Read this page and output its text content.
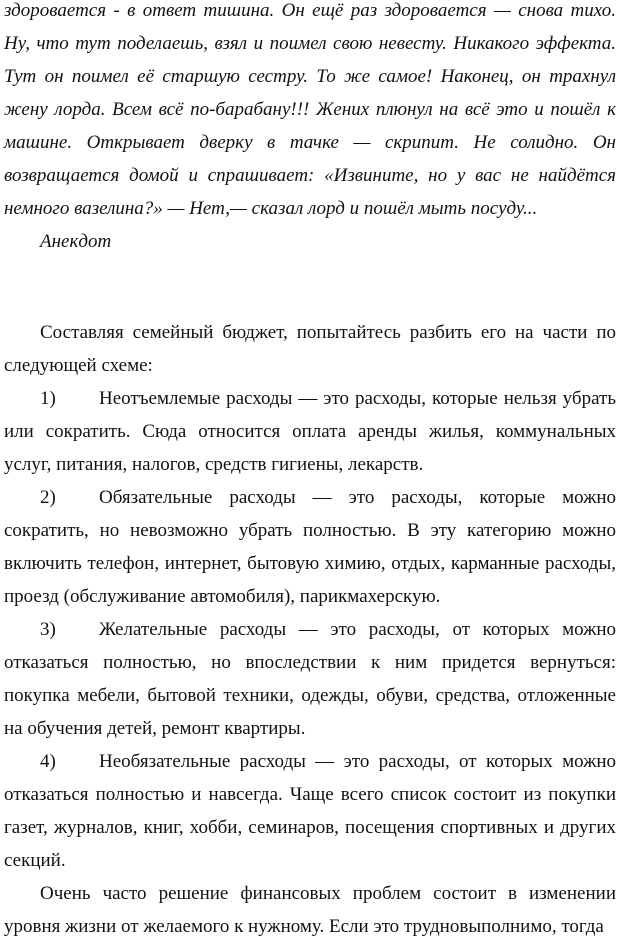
здоровается - в ответ тишина. Он ещё раз здоровается — снова тихо. Ну, что тут поделаешь, взял и поимел свою невесту. Никакого эффекта. Тут он поимел её старшую сестру. То же самое! Наконец, он трахнул жену лорда. Всем всё по-барабану!!! Жених плюнул на всё это и пошёл к машине. Открывает дверку в тачке — скрипит. Не солидно. Он возвращается домой и спрашивает: «Извините, но у вас не найдётся немного вазелина?» — Нет,— сказал лорд и пошёл мыть посуду...

Анекдот

Составляя семейный бюджет, попытайтесь разбить его на части по следующей схеме:

1) Неотъемлемые расходы — это расходы, которые нельзя убрать или сократить. Сюда относится оплата аренды жилья, коммунальных услуг, питания, налогов, средств гигиены, лекарств.

2) Обязательные расходы — это расходы, которые можно сократить, но невозможно убрать полностью. В эту категорию можно включить телефон, интернет, бытовую химию, отдых, карманные расходы, проезд (обслуживание автомобиля), парикмахерскую.

3) Желательные расходы — это расходы, от которых можно отказаться полностью, но впоследствии к ним придется вернуться: покупка мебели, бытовой техники, одежды, обуви, средства, отложенные на обучения детей, ремонт квартиры.

4) Необязательные расходы — это расходы, от которых можно отказаться полностью и навсегда. Чаще всего список состоит из покупки газет, журналов, книг, хобби, семинаров, посещения спортивных и других секций.

Очень часто решение финансовых проблем состоит в изменении уровня жизни от желаемого к нужному. Если это трудновыполнимо, тогда
